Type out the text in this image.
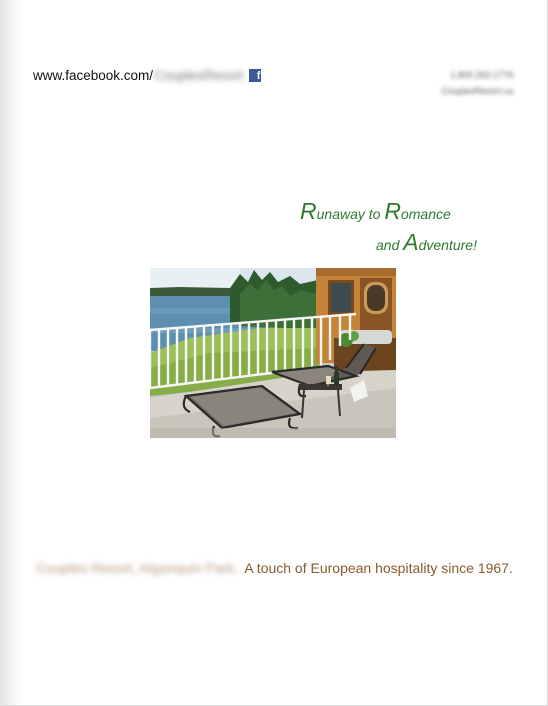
www.facebook.com/ CouplesResort	f	1.800.263.1779
CouplesResort.ca
Runaway to Romance
and Adventure!
Couples Resort, Algonquin Park. A touch of European hospitality since 1967.
